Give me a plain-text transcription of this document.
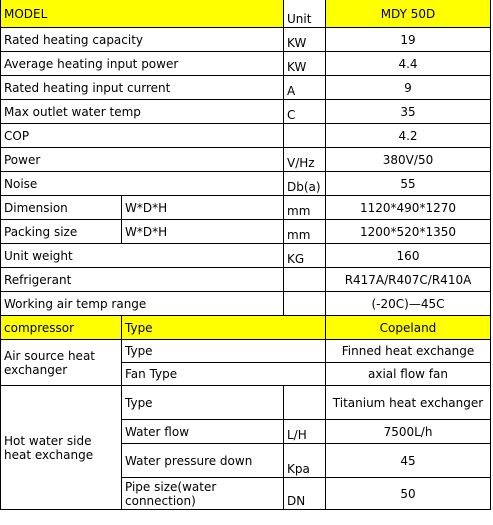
MODEL		Unit	MDY 50D
Rated heating capacity		KW	19
Average heating input power		KW	4.4
Rated heating input current		A	9
Max outlet water temp		C	35
COP			4.2
Power		V/Hz	380V/50
Noise		Db(a)	55
Dimension	W*D*H	mm	1120*490*1270
Packing size	W*D*H	mm	1200*520*1350
Unit weight		KG	160
Refrigerant			R417A/R407C/R410A
Working air temp range			(-20C)—45C
compressor	Type		Copeland
Air source heat exchanger	Type		Finned heat exchange
	Fan Type		axial flow fan
Hot water side heat exchange	Type		Titanium heat exchanger
	Water flow	L/H	7500L/h
	Water pressure down	Kpa	45
	Pipe size(water connection)	DN	50
